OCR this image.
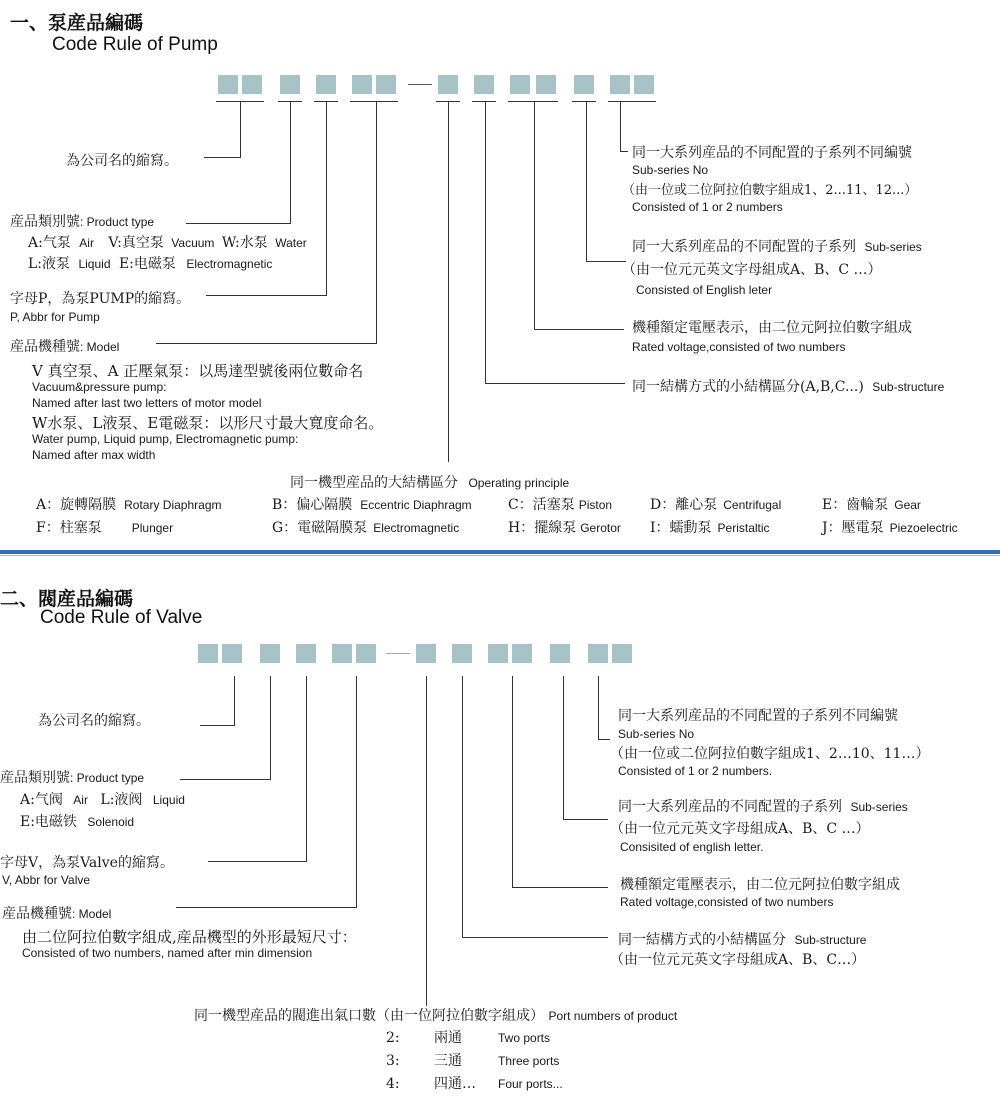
一、泵産品編碼
Code Rule of Pump
為公司名的縮寫。
産品類別號: Product type
A:气泵 Air V:真空泵 Vacuum W:水泵 Water
L:液泵 Liquid E:电磁泵 Electromagnetic
字母P，為泵PUMP的縮寫。
P, Abbr for Pump
産品機種號: Model
V 真空泵、A 正壓氣泵：以馬達型號後兩位數命名
Vacuum&pressure pump:
Named after last two letters of motor model
W水泵、L液泵、E電磁泵：以形尺寸最大寬度命名。
Water pump, Liquid pump, Electromagnetic pump:
Named after max width
同一機型産品的大結構區分 Operating principle
A：旋轉隔膜 Rotary Diaphragm	B：偏心隔膜 Eccentric Diaphragm	C：活塞泵 Piston	D：離心泵 Centrifugal	E：齒輪泵 Gear
F：柱塞泵	Plunger	G：電磁隔膜泵 Electromagnetic	H：擺線泵 Gerotor I：蠕動泵 Peristaltic	J：壓電泵 Piezoelectric
同一大系列産品的不同配置的子系列不同編號
Sub-series No
（由一位或二位阿拉伯數字組成1、2...11、12...）
Consisted of 1 or 2 numbers
同一大系列産品的不同配置的子系列 Sub-series
（由一位元元英文字母組成A、B、C …）
Consisted of English leter
機種額定電壓表示，由二位元阿拉伯數字組成
Rated voltage,consisted of two numbers
同一結構方式的小結構區分(A,B,C...) Sub-structure
二、閥産品編碼
Code Rule of Valve
為公司名的縮寫。
産品類別號: Product type
A:气阀 Air L:液阀 Liquid
E:电磁铁 Solenoid
字母V，為泵Valve的縮寫。
V, Abbr for Valve
産品機種號: Model
由二位阿拉伯數字組成,産品機型的外形最短尺寸：
Consisted of two numbers, named after min dimension
同一大系列産品的不同配置的子系列不同編號
Sub-series No
（由一位或二位阿拉伯數字組成1、2…10、11…）
Consisted of 1 or 2 numbers.
同一大系列産品的不同配置的子系列 Sub-series
（由一位元元英文字母組成A、B、C …）
Consisited of english letter.
機種額定電壓表示，由二位元阿拉伯數字組成
Rated voltage,consisted of two numbers
同一結構方式的小結構區分 Sub-structure
（由一位元元英文字母組成A、B、C…）
同一機型産品的閥進出氣口數（由一位阿拉伯數字組成） Port numbers of product
2: 兩通	Two ports
3: 三通	Three ports
4: 四通… Four ports...
